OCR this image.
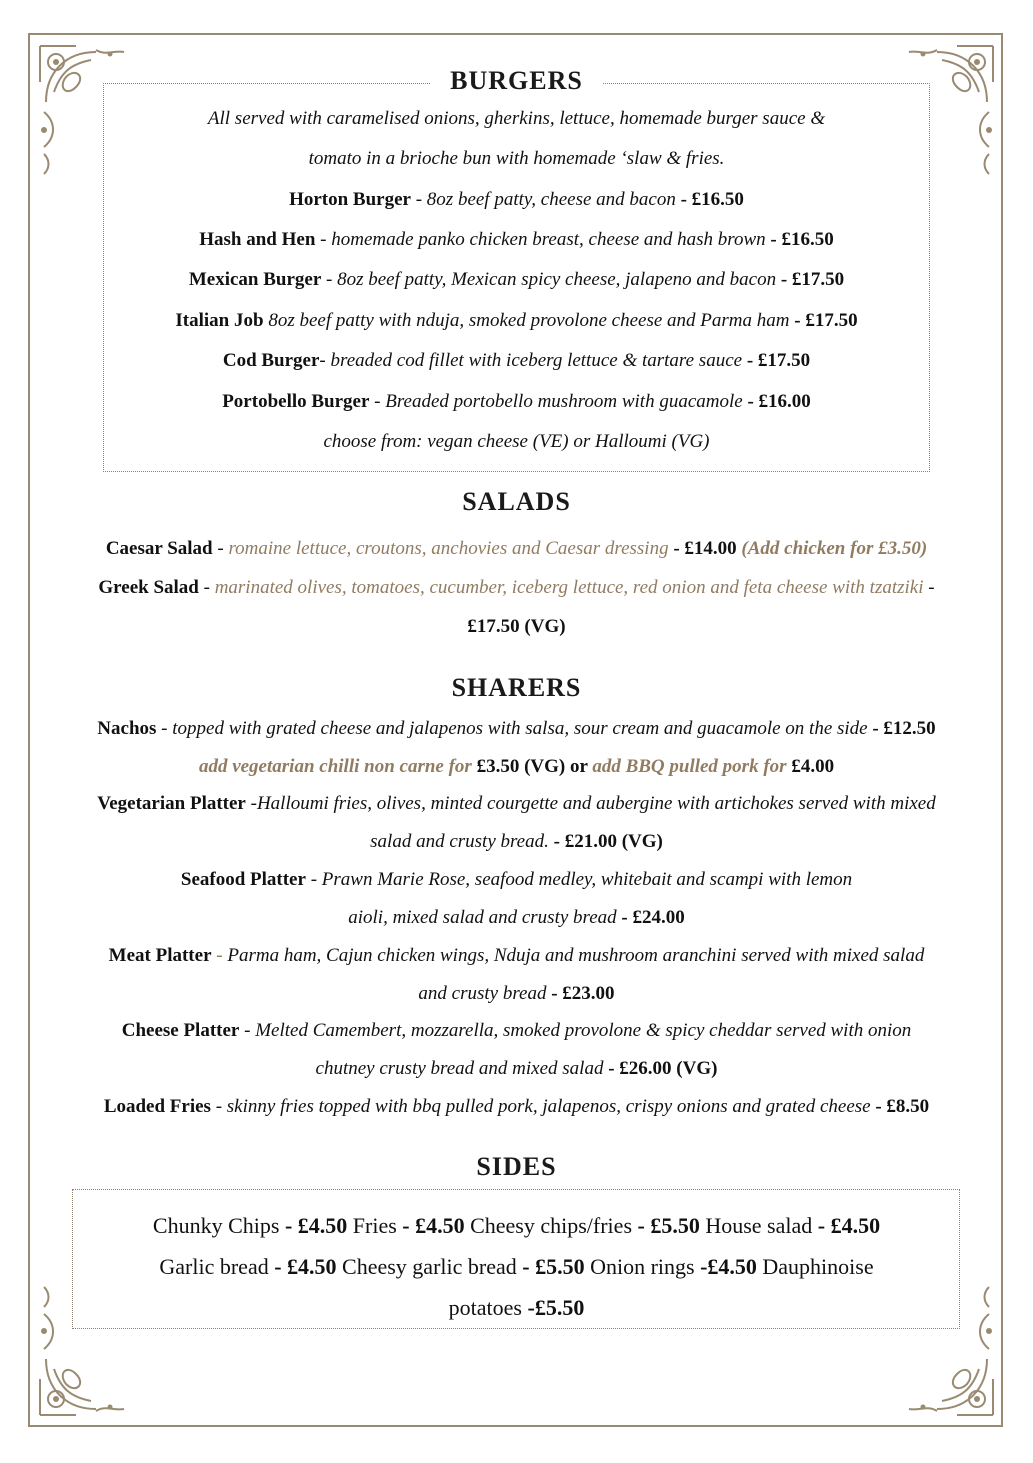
BURGERS
All served with caramelised onions, gherkins, lettuce, homemade burger sauce &
tomato in a brioche bun with homemade ‘slaw & fries.
Horton Burger - 8oz beef patty, cheese and bacon - £16.50
Hash and Hen - homemade panko chicken breast, cheese and hash brown - £16.50
Mexican Burger - 8oz beef patty, Mexican spicy cheese, jalapeno and bacon - £17.50
Italian Job 8oz beef patty with nduja, smoked provolone cheese and Parma ham - £17.50
Cod Burger- breaded cod fillet with iceberg lettuce & tartare sauce - £17.50
Portobello Burger - Breaded portobello mushroom with guacamole - £16.00
choose from: vegan cheese (VE) or Halloumi (VG)
SALADS
Caesar Salad - romaine lettuce, croutons, anchovies and Caesar dressing - £14.00 (Add chicken for £3.50)
Greek Salad - marinated olives, tomatoes, cucumber, iceberg lettuce, red onion and feta cheese with tzatziki -
£17.50 (VG)
SHARERS
Nachos - topped with grated cheese and jalapenos with salsa, sour cream and guacamole on the side - £12.50
add vegetarian chilli non carne for £3.50 (VG) or add BBQ pulled pork for £4.00
Vegetarian Platter -Halloumi fries, olives, minted courgette and aubergine with artichokes served with mixed
salad and crusty bread. - £21.00 (VG)
Seafood Platter - Prawn Marie Rose, seafood medley, whitebait and scampi with lemon
aioli, mixed salad and crusty bread - £24.00
Meat Platter - Parma ham, Cajun chicken wings, Nduja and mushroom aranchini served with mixed salad
and crusty bread - £23.00
Cheese Platter - Melted Camembert, mozzarella, smoked provolone & spicy cheddar served with onion
chutney crusty bread and mixed salad - £26.00 (VG)
Loaded Fries - skinny fries topped with bbq pulled pork, jalapenos, crispy onions and grated cheese - £8.50
SIDES
Chunky Chips - £4.50 Fries - £4.50 Cheesy chips/fries - £5.50 House salad - £4.50
Garlic bread - £4.50 Cheesy garlic bread - £5.50 Onion rings -£4.50 Dauphinoise
potatoes -£5.50
